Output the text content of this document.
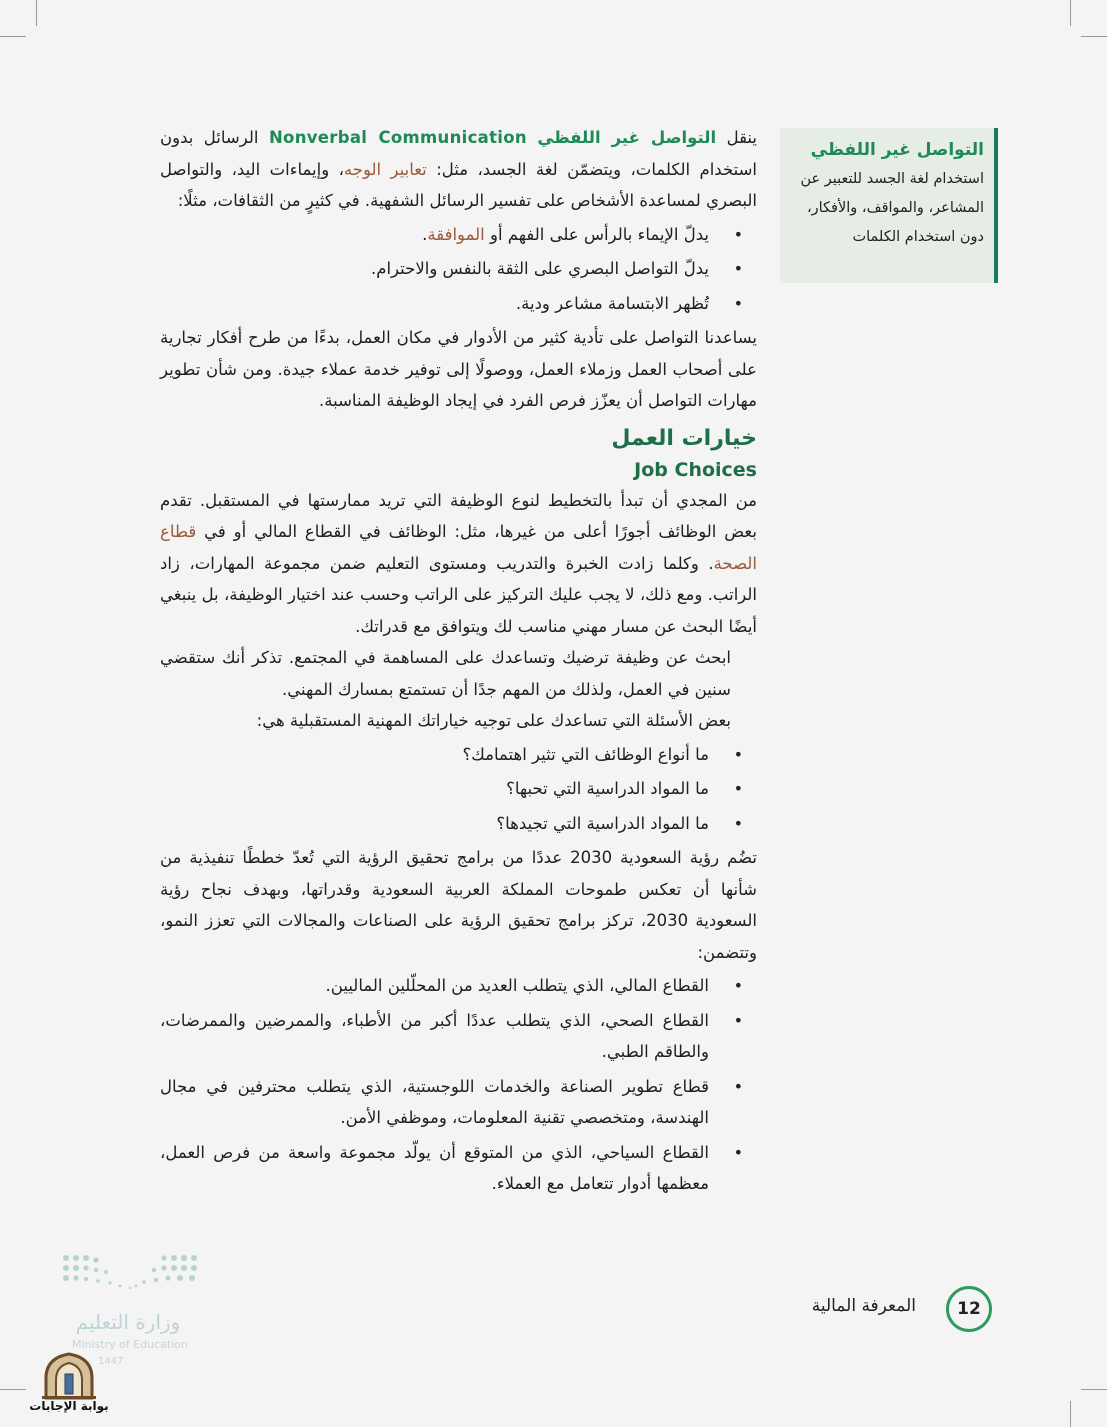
التواصل غير اللفظي
استخدام لغة الجسد للتعبير عن المشاعر، والمواقف، والأفكار، دون استخدام الكلمات

ينقل التواصل غير اللفظي Nonverbal Communication الرسائل بدون استخدام الكلمات، ويتضمّن لغة الجسد، مثل: تعابير الوجه، وإيماءات اليد، والتواصل البصري لمساعدة الأشخاص على تفسير الرسائل الشفهية. في كثيرٍ من الثقافات، مثلًا:

• يدلّ الإيماء بالرأس على الفهم أو الموافقة.
• يدلّ التواصل البصري على الثقة بالنفس والاحترام.
• تُظهر الابتسامة مشاعر ودية.

يساعدنا التواصل على تأدية كثير من الأدوار في مكان العمل، بدءًا من طرح أفكار تجارية على أصحاب العمل وزملاء العمل، ووصولًا إلى توفير خدمة عملاء جيدة. ومن شأن تطوير مهارات التواصل أن يعزّز فرص الفرد في إيجاد الوظيفة المناسبة.

خيارات العمل
Job Choices

من المجدي أن تبدأ بالتخطيط لنوع الوظيفة التي تريد ممارستها في المستقبل. تقدم بعض الوظائف أجورًا أعلى من غيرها، مثل: الوظائف في القطاع المالي أو في قطاع الصحة. وكلما زادت الخبرة والتدريب ومستوى التعليم ضمن مجموعة المهارات، زاد الراتب. ومع ذلك، لا يجب عليك التركيز على الراتب وحسب عند اختيار الوظيفة، بل ينبغي أيضًا البحث عن مسار مهني مناسب لك ويتوافق مع قدراتك.

ابحث عن وظيفة ترضيك وتساعدك على المساهمة في المجتمع. تذكر أنك ستقضي سنين في العمل، ولذلك من المهم جدًا أن تستمتع بمسارك المهني.

بعض الأسئلة التي تساعدك على توجيه خياراتك المهنية المستقبلية هي:

• ما أنواع الوظائف التي تثير اهتمامك؟
• ما المواد الدراسية التي تحبها؟
• ما المواد الدراسية التي تجيدها؟

تضُم رؤية السعودية 2030 عددًا من برامج تحقيق الرؤية التي تُعدّ خططًا تنفيذية من شأنها أن تعكس طموحات المملكة العربية السعودية وقدراتها، وبهدف نجاح رؤية السعودية 2030، تركز برامج تحقيق الرؤية على الصناعات والمجالات التي تعزز النمو، وتتضمن:

• القطاع المالي، الذي يتطلب العديد من المحلّلين الماليين.
• القطاع الصحي، الذي يتطلب عددًا أكبر من الأطباء، والممرضين والممرضات، والطاقم الطبي.
• قطاع تطوير الصناعة والخدمات اللوجستية، الذي يتطلب محترفين في مجال الهندسة، ومتخصصي تقنية المعلومات، وموظفي الأمن.
• القطاع السياحي، الذي من المتوقع أن يولّد مجموعة واسعة من فرص العمل، معظمها أدوار تتعامل مع العملاء.
المعرفة المالية	12
وزارة التعليم
Ministry of Education
1447
بوابة الإجابات
